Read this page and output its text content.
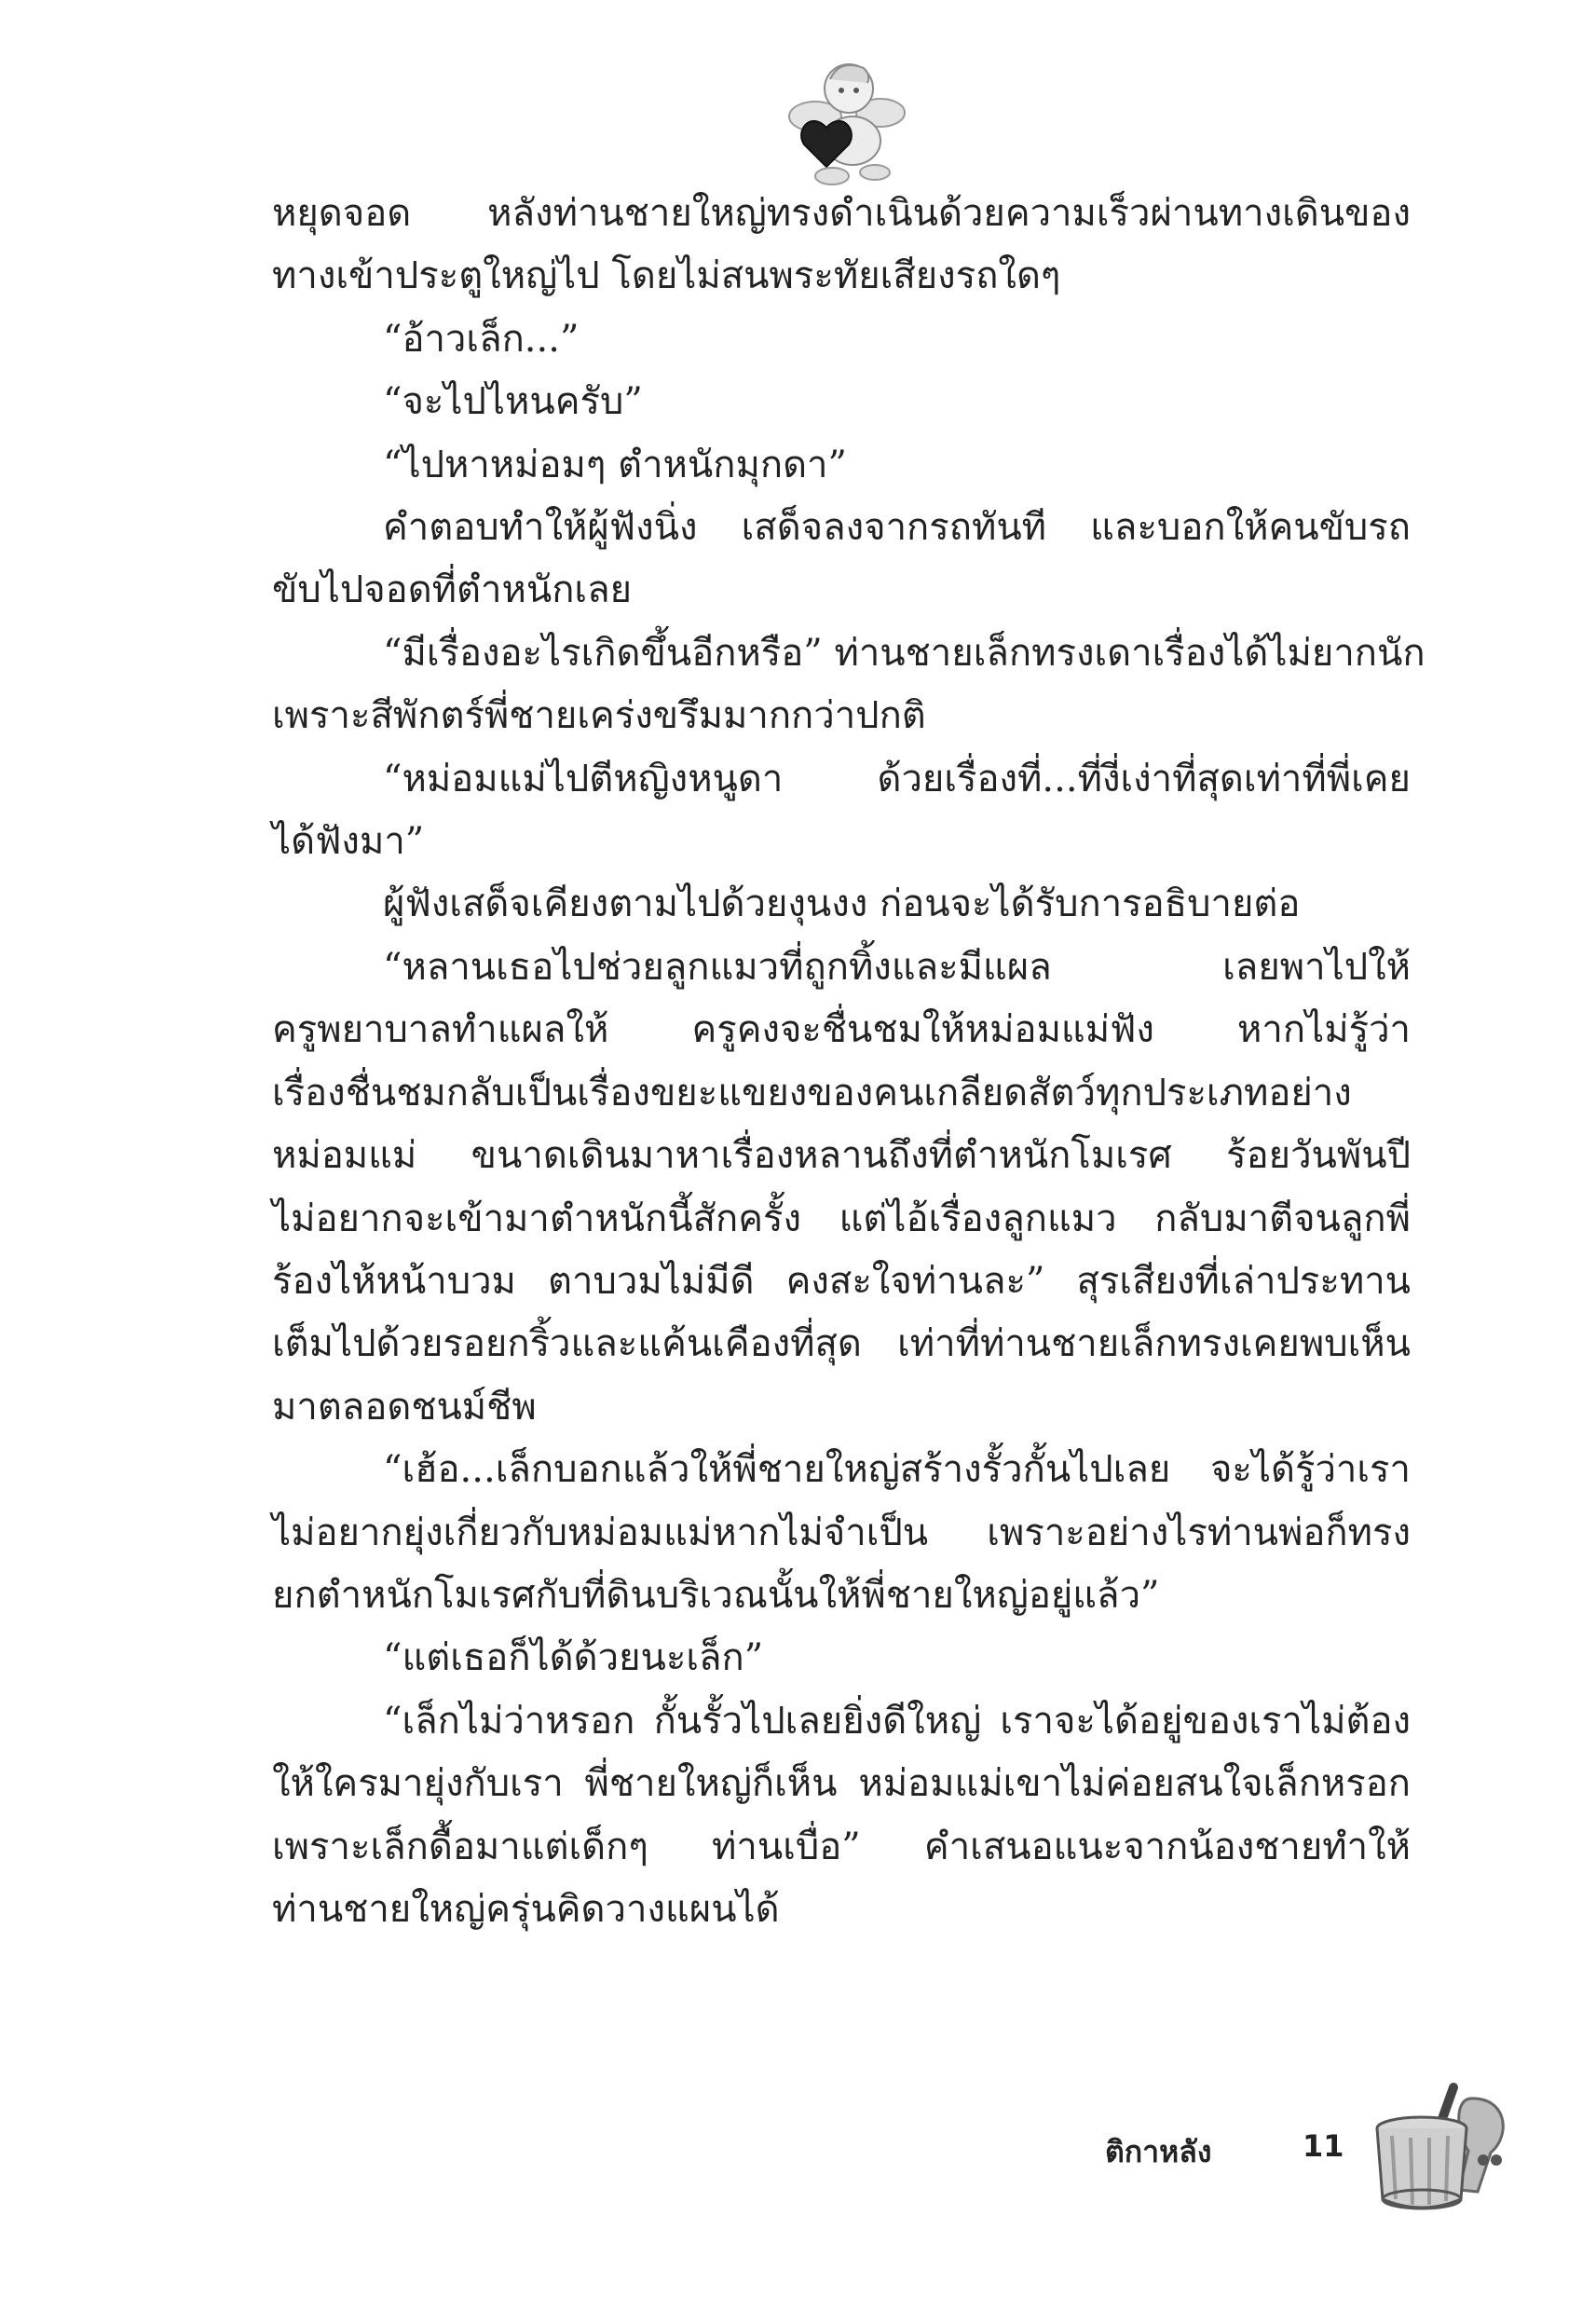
หยุดจอด หลังท่านชายใหญ่ทรงดำเนินด้วยความเร็วผ่านทางเดินของ

ทางเข้าประตูใหญ่ไป โดยไม่สนพระทัยเสียงรถใดๆ

“อ้าวเล็ก...”

“จะไปไหนครับ”

“ไปหาหม่อมๆ ตำหนักมุกดา”

คำตอบทำให้ผู้ฟังนิ่ง เสด็จลงจากรถทันที และบอกให้คนขับรถ

ขับไปจอดที่ตำหนักเลย

“มีเรื่องอะไรเกิดขึ้นอีกหรือ” ท่านชายเล็กทรงเดาเรื่องได้ไม่ยากนัก

เพราะสีพักตร์พี่ชายเคร่งขรึมมากกว่าปกติ

“หม่อมแม่ไปตีหญิงหนูดา ด้วยเรื่องที่...ที่งี่เง่าที่สุดเท่าที่พี่เคย

ได้ฟังมา”

ผู้ฟังเสด็จเคียงตามไปด้วยงุนงง ก่อนจะได้รับการอธิบายต่อ

“หลานเธอไปช่วยลูกแมวที่ถูกทิ้งและมีแผล เลยพาไปให้

ครูพยาบาลทำแผลให้ ครูคงจะชื่นชมให้หม่อมแม่ฟัง หากไม่รู้ว่า

เรื่องชื่นชมกลับเป็นเรื่องขยะแขยงของคนเกลียดสัตว์ทุกประเภทอย่าง

หม่อมแม่ ขนาดเดินมาหาเรื่องหลานถึงที่ตำหนักโมเรศ ร้อยวันพันปี

ไม่อยากจะเข้ามาตำหนักนี้สักครั้ง แต่ไอ้เรื่องลูกแมว กลับมาตีจนลูกพี่

ร้องไห้หน้าบวม ตาบวมไม่มีดี คงสะใจท่านละ” สุรเสียงที่เล่าประทาน

เต็มไปด้วยรอยกริ้วและแค้นเคืองที่สุด เท่าที่ท่านชายเล็กทรงเคยพบเห็น

มาตลอดชนม์ชีพ

“เฮ้อ...เล็กบอกแล้วให้พี่ชายใหญ่สร้างรั้วกั้นไปเลย จะได้รู้ว่าเรา

ไม่อยากยุ่งเกี่ยวกับหม่อมแม่หากไม่จำเป็น เพราะอย่างไรท่านพ่อก็ทรง

ยกตำหนักโมเรศกับที่ดินบริเวณนั้นให้พี่ชายใหญ่อยู่แล้ว”

“แต่เธอก็ได้ด้วยนะเล็ก”

“เล็กไม่ว่าหรอก กั้นรั้วไปเลยยิ่งดีใหญ่ เราจะได้อยู่ของเราไม่ต้อง

ให้ใครมายุ่งกับเรา พี่ชายใหญ่ก็เห็น หม่อมแม่เขาไม่ค่อยสนใจเล็กหรอก

เพราะเล็กดื้อมาแต่เด็กๆ ท่านเบื่อ” คำเสนอแนะจากน้องชายทำให้

ท่านชายใหญ่ครุ่นคิดวางแผนได้

ติกาหลัง	11
